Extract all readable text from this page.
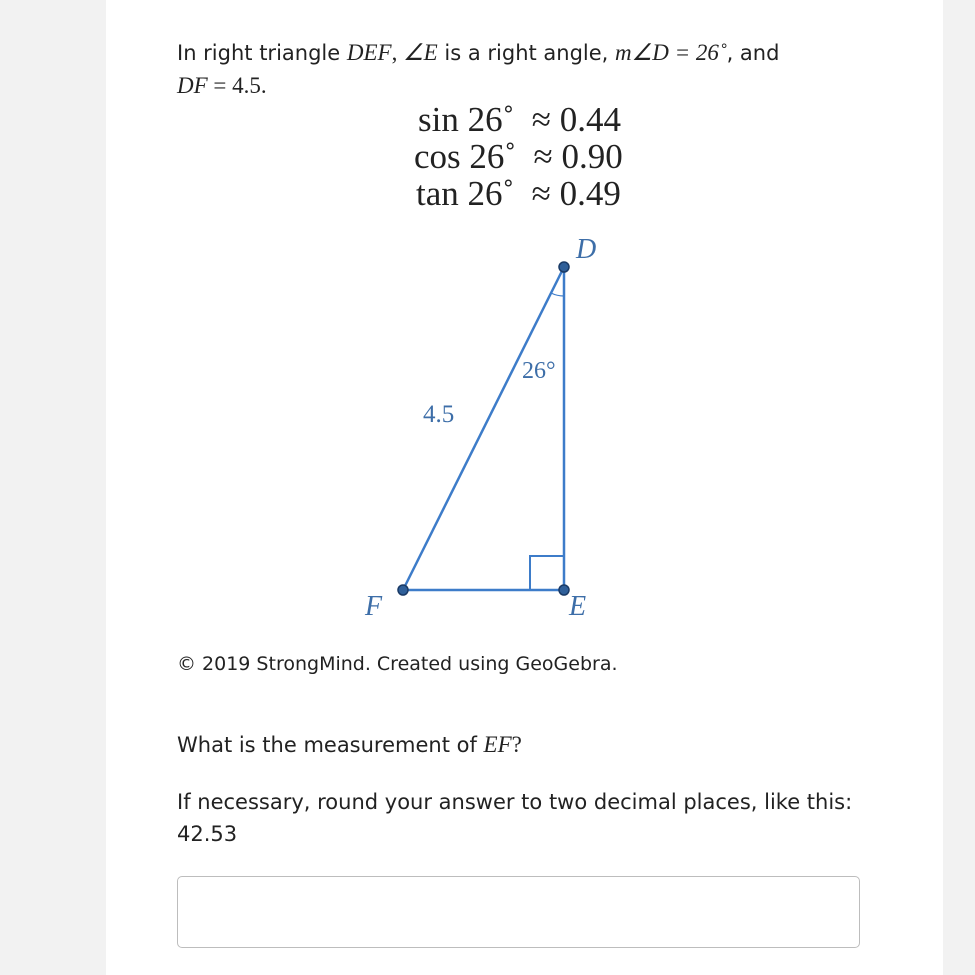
In right triangle DEF, ∠E is a right angle, m∠D = 26˚, and
DF = 4.5.
sin 26˚  ≈ 0.44
cos 26˚  ≈ 0.90
tan 26˚  ≈ 0.49
D
E
F
4.5
26°
© 2019 StrongMind. Created using GeoGebra.
What is the measurement of EF?
If necessary, round your answer to two decimal places, like this:
42.53
